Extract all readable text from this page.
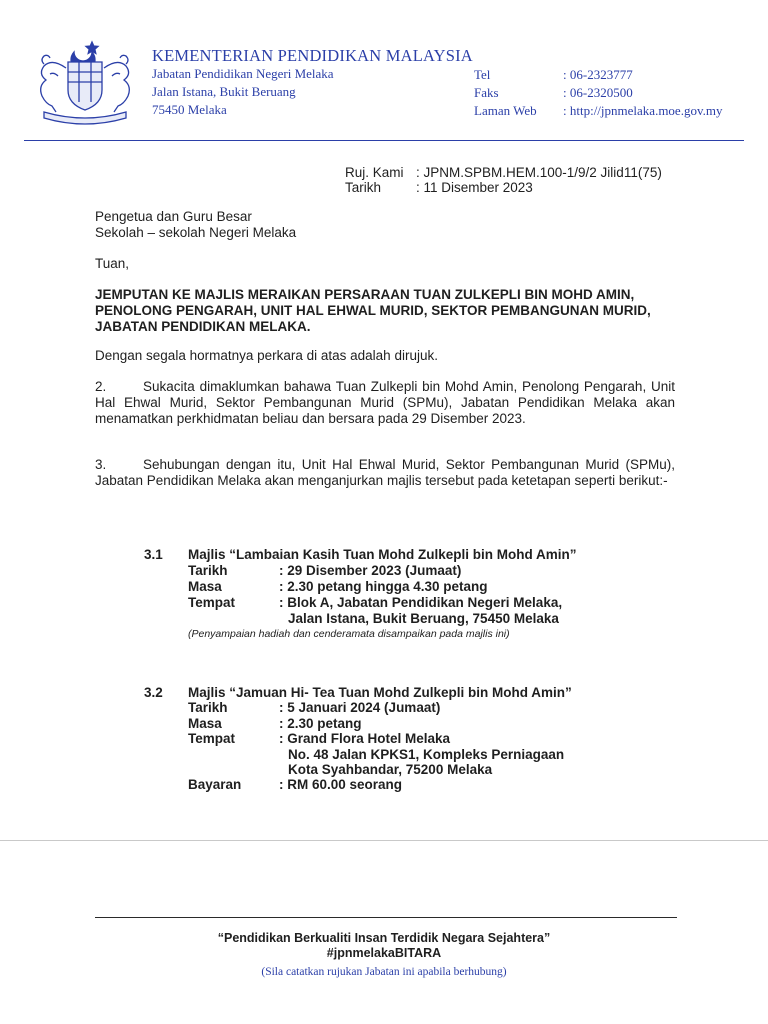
KEMENTERIAN PENDIDIKAN MALAYSIA
Jabatan Pendidikan Negeri Melaka
Jalan Istana, Bukit Beruang
75450 Melaka
Tel	: 06-2323777
Faks	: 06-2320500
Laman Web : http://jpnmelaka.moe.gov.my
Ruj. Kami : JPNM.SPBM.HEM.100-1/9/2 Jilid11(75)
Tarikh	: 11 Disember 2023
Pengetua dan Guru Besar
Sekolah – sekolah Negeri Melaka
Tuan,
JEMPUTAN KE MAJLIS MERAIKAN PERSARAAN TUAN ZULKEPLI BIN MOHD AMIN,
PENOLONG PENGARAH, UNIT HAL EHWAL MURID, SEKTOR PEMBANGUNAN MURID,
JABATAN PENDIDIKAN MELAKA.
Dengan segala hormatnya perkara di atas adalah dirujuk.
2.	Sukacita dimaklumkan bahawa Tuan Zulkepli bin Mohd Amin, Penolong Pengarah, Unit Hal Ehwal Murid, Sektor Pembangunan Murid (SPMu), Jabatan Pendidikan Melaka akan menamatkan perkhidmatan beliau dan bersara pada 29 Disember 2023.
3.	Sehubungan dengan itu, Unit Hal Ehwal Murid, Sektor Pembangunan Murid (SPMu), Jabatan Pendidikan Melaka akan menganjurkan majlis tersebut pada ketetapan seperti berikut:-
3.1 Majlis “Lambaian Kasih Tuan Mohd Zulkepli bin Mohd Amin”
Tarikh	: 29 Disember 2023 (Jumaat)
Masa	: 2.30 petang hingga 4.30 petang
Tempat	: Blok A, Jabatan Pendidikan Negeri Melaka,
Jalan Istana, Bukit Beruang, 75450 Melaka
(Penyampaian hadiah dan cenderamata disampaikan pada majlis ini)
3.2 Majlis “Jamuan Hi- Tea Tuan Mohd Zulkepli bin Mohd Amin”
Tarikh	: 5 Januari 2024 (Jumaat)
Masa	: 2.30 petang
Tempat	: Grand Flora Hotel Melaka
No. 48 Jalan KPKS1, Kompleks Perniagaan
Kota Syahbandar, 75200 Melaka
Bayaran	: RM 60.00 seorang
“Pendidikan Berkualiti Insan Terdidik Negara Sejahtera”
#jpnmelakaBITARA
(Sila catatkan rujukan Jabatan ini apabila berhubung)
